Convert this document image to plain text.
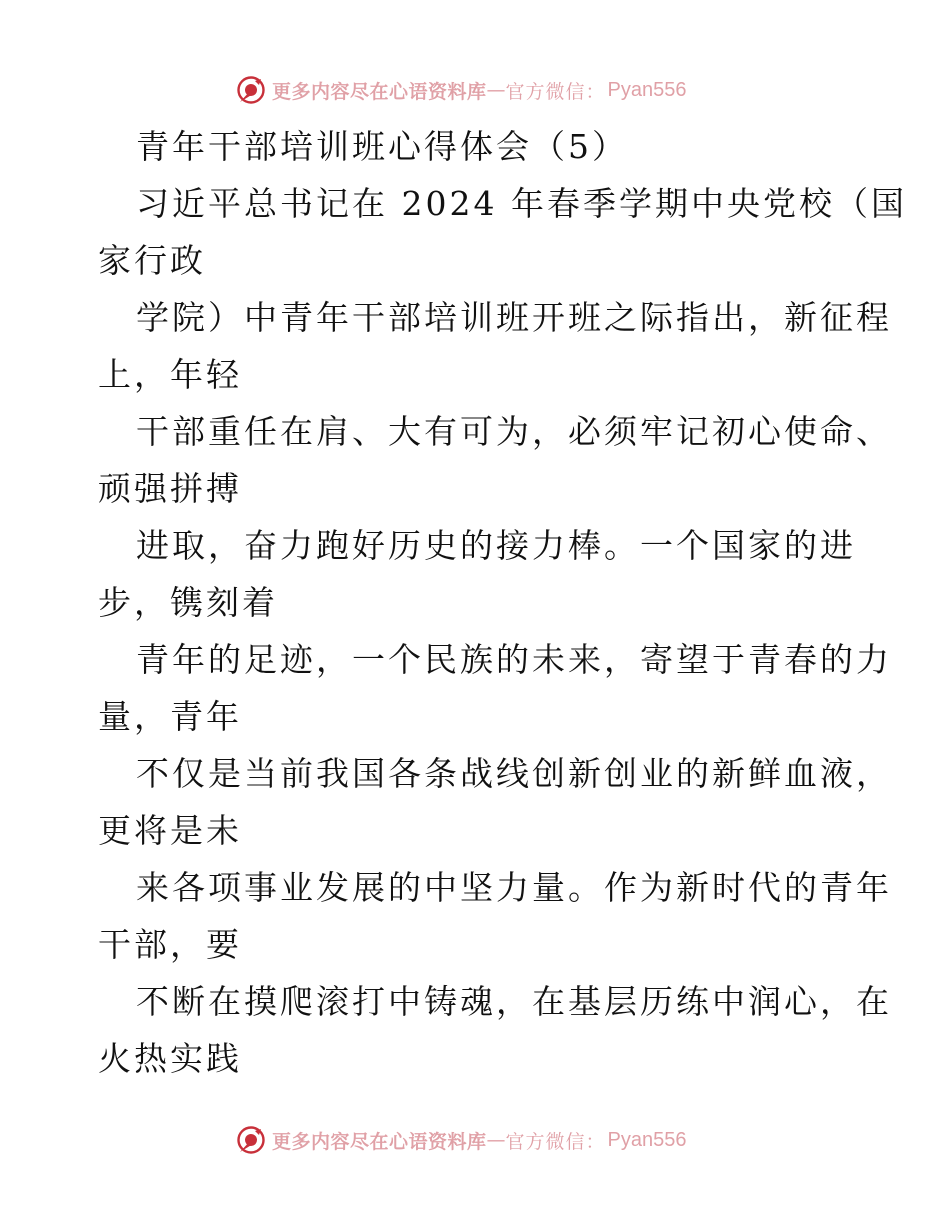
更多内容尽在心语资料库 — 官方微信： Pyan556
青年干部培训班心得体会（5）
习近平总书记在 2024 年春季学期中央党校（国
家行政
学院）中青年干部培训班开班之际指出，新征程
上，年轻
干部重任在肩、大有可为，必须牢记初心使命、
顽强拼搏
进取，奋力跑好历史的接力棒。一个国家的进
步，镌刻着
青年的足迹，一个民族的未来，寄望于青春的力
量，青年
不仅是当前我国各条战线创新创业的新鲜血液，
更将是未
来各项事业发展的中坚力量。作为新时代的青年
干部，要
不断在摸爬滚打中铸魂，在基层历练中润心，在
火热实践
更多内容尽在心语资料库 — 官方微信： Pyan556
